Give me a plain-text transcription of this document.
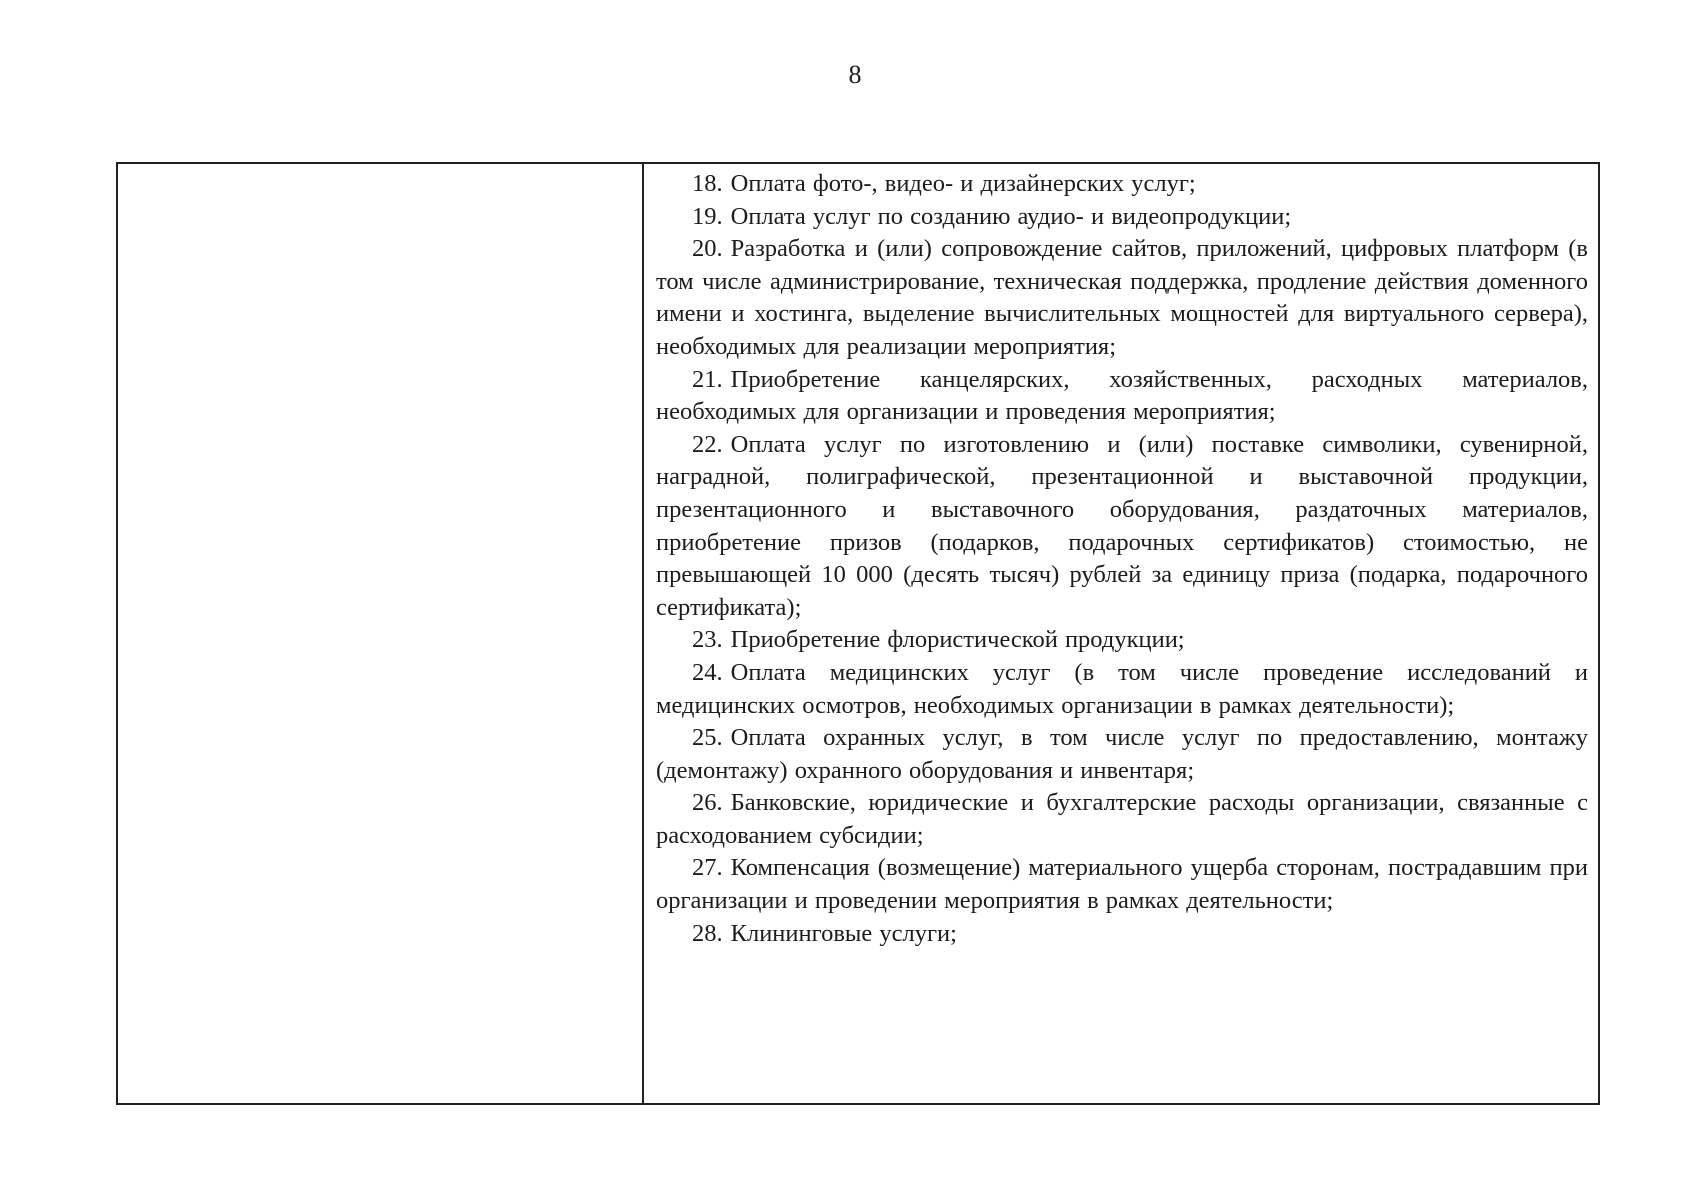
8

18. Оплата фото-, видео- и дизайнерских услуг;

19. Оплата услуг по созданию аудио- и видеопродукции;

20. Разработка и (или) сопровождение сайтов, приложений, цифровых платформ (в том числе администрирование, техническая поддержка, продление действия доменного имени и хостинга, выделение вычислительных мощностей для виртуального сервера), необходимых для реализации мероприятия;

21. Приобретение канцелярских, хозяйственных, расходных материалов, необходимых для организации и проведения мероприятия;

22. Оплата услуг по изготовлению и (или) поставке символики, сувенирной, наградной, полиграфической, презентационной и выставочной продукции, презентационного и выставочного оборудования, раздаточных материалов, приобретение призов (подарков, подарочных сертификатов) стоимостью, не превышающей 10 000 (десять тысяч) рублей за единицу приза (подарка, подарочного сертификата);

23. Приобретение флористической продукции;

24. Оплата медицинских услуг (в том числе проведение исследований и медицинских осмотров, необходимых организации в рамках деятельности);

25. Оплата охранных услуг, в том числе услуг по предоставлению, монтажу (демонтажу) охранного оборудования и инвентаря;

26. Банковские, юридические и бухгалтерские расходы организации, связанные с расходованием субсидии;

27. Компенсация (возмещение) материального ущерба сторонам, пострадавшим при организации и проведении мероприятия в рамках деятельности;

28. Клининговые услуги;
